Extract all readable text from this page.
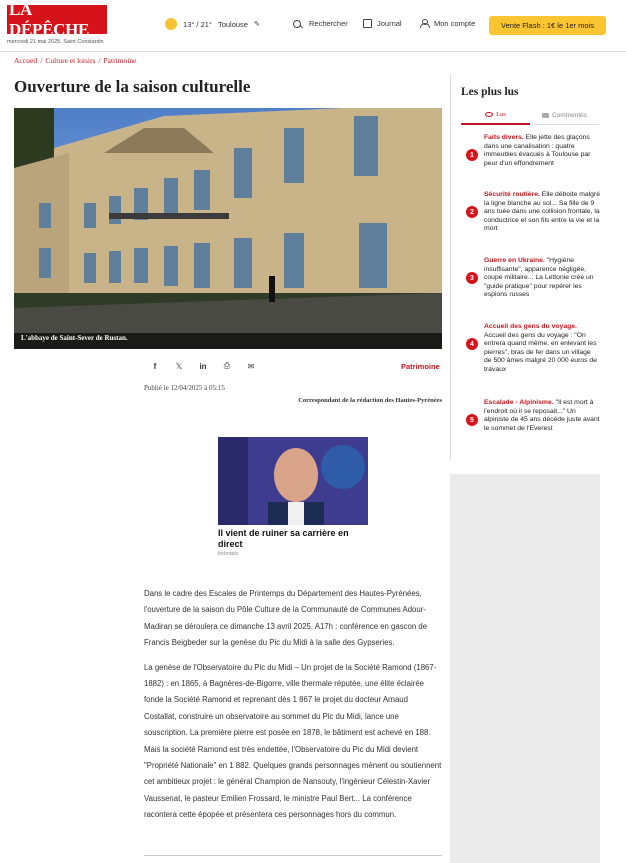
LA DÉPÊCHE
mercredi 21 mai 2025, Saint Constantin
13° / 21° Toulouse ✎	Rechercher	Journal	Mon compte	Vente Flash : 1€ le 1er mois
Accueil / Culture et loisirs / Patrimoine
Ouverture de la saison culturelle
L'abbaye de Saint-Sever de Rustan.
f	𝕏 in ⎙ ✉	Patrimoine
Publié le 12/04/2025 à 05:15
Correspondant de la rédaction des Hautes-Pyrénées
Il vient de ruiner sa carrière en direct
lorimatic

Dans le cadre des Escales de Printemps du Département des Hautes-Pyrénées, l'ouverture de la saison du Pôle Culture de la Communauté de Communes Adour-Madiran se déroulera ce dimanche 13 avril 2025. A17h : conférence en gascon de Francis Beigbeder sur la genèse du Pic du Midi à la salle des Gypseries.

La genèse de l'Observatoire du Pic du Midi – Un projet de la Société Ramond (1867-1882) : en 1865, à Bagnères-de-Bigorre, ville thermale réputée, une élite éclairée fonde la Société Ramond et reprenant dès 1 867 le projet du docteur Arnaud Costallat, construire un observatoire au sommet du Pic du Midi, lance une souscription. La première pierre est posée en 1878, le bâtiment est achevé en 188. Mais la société Ramond est très endettée, l'Observatoire du Pic du Midi devient "Propriété Nationale" en 1 882. Quelques grands personnages mènent ou soutiennent cet ambitieux projet : le général Champion de Nansouty, l'ingénieur Célestin-Xavier Vaussenat, le pasteur Emilien Frossard, le ministre Paul Bert... La conférence racontera cette épopée et présentera ces personnages hors du commun.

Les plus lus
Lus	Commentés
1
Faits divers. Elle jette des glaçons dans une canalisation : quatre immeubles évacués à Toulouse par peur d'un effondrement
2
Sécurité routière. Elle déboite malgré la ligne blanche au sol... Sa fille de 9 ans tuée dans une collision frontale, la conductrice et son fils entre la vie et la mort
3
Guerre en Ukraine. "Hygiène insuffisante", apparence négligée, coupe militaire... La Lettonie crée un "guide pratique" pour repérer les espions russes
4
Accueil des gens du voyage. Accueil des gens du voyage : "On entrera quand même, en enlevant les pierres", bras de fer dans un village de 500 âmes malgré 20 000 euros de travaux
5
Escalade - Alpinisme. "Il est mort à l'endroit où il se reposait..." Un alpiniste de 45 ans décède juste avant le sommet de l'Everest
